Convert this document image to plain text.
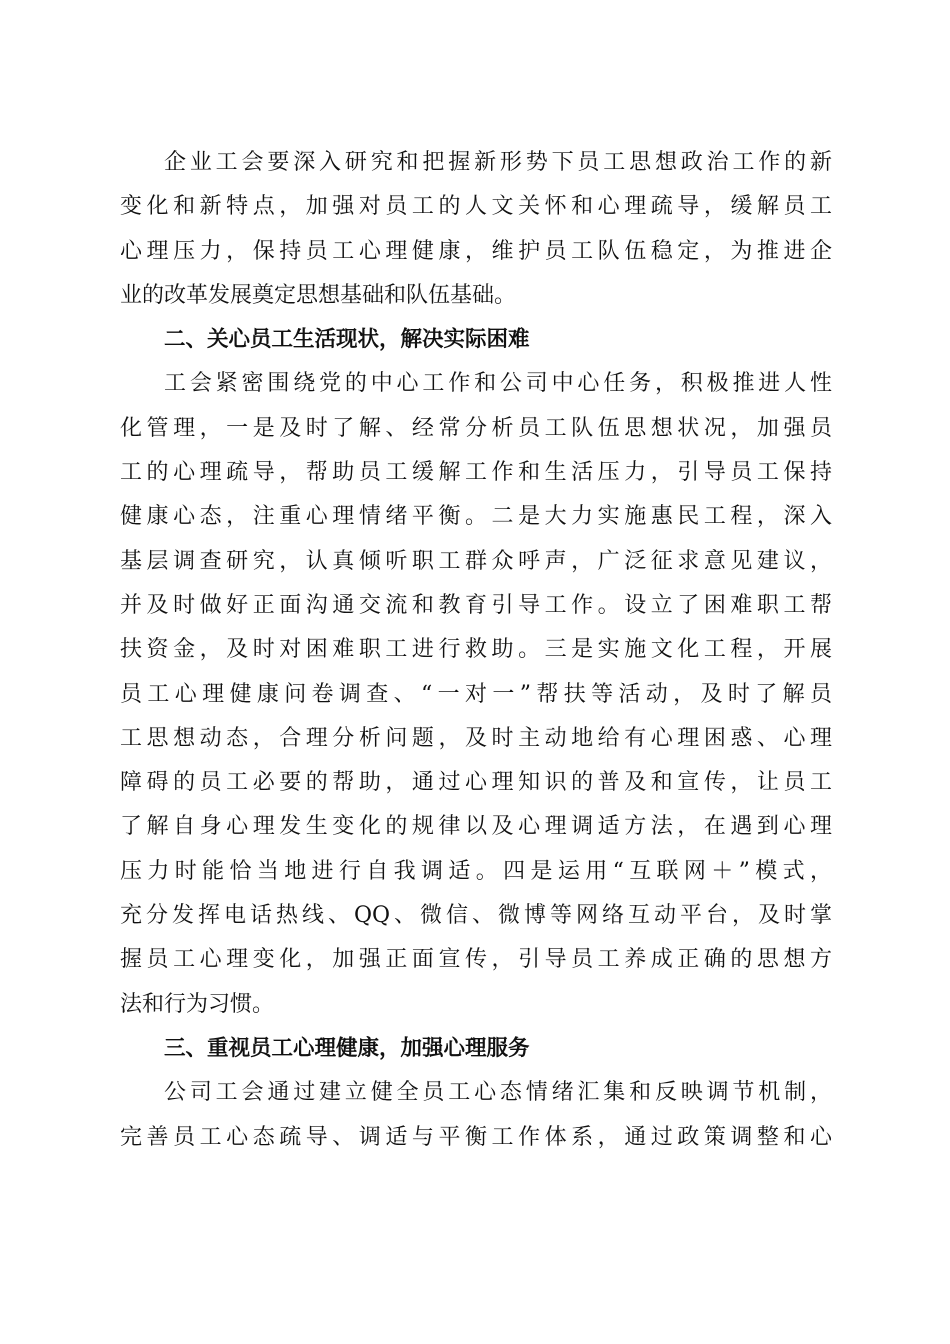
企业工会要深入研究和把握新形势下员工思想政治工作的新
变化和新特点，加强对员工的人文关怀和心理疏导，缓解员工
心理压力，保持员工心理健康，维护员工队伍稳定，为推进企
业的改革发展奠定思想基础和队伍基础。
二、关心员工生活现状，解决实际困难
工会紧密围绕党的中心工作和公司中心任务，积极推进人性
化管理，一是及时了解、经常分析员工队伍思想状况，加强员
工的心理疏导，帮助员工缓解工作和生活压力，引导员工保持
健康心态，注重心理情绪平衡。二是大力实施惠民工程，深入
基层调查研究，认真倾听职工群众呼声，广泛征求意见建议，
并及时做好正面沟通交流和教育引导工作。设立了困难职工帮
扶资金，及时对困难职工进行救助。三是实施文化工程，开展
员工心理健康问卷调查、“一对一”帮扶等活动，及时了解员
工思想动态，合理分析问题，及时主动地给有心理困惑、心理
障碍的员工必要的帮助，通过心理知识的普及和宣传，让员工
了解自身心理发生变化的规律以及心理调适方法，在遇到心理
压力时能恰当地进行自我调适。四是运用“互联网＋”模式，
充分发挥电话热线、QQ、微信、微博等网络互动平台，及时掌
握员工心理变化，加强正面宣传，引导员工养成正确的思想方
法和行为习惯。
三、重视员工心理健康，加强心理服务
公司工会通过建立健全员工心态情绪汇集和反映调节机制，
完善员工心态疏导、调适与平衡工作体系，通过政策调整和心
